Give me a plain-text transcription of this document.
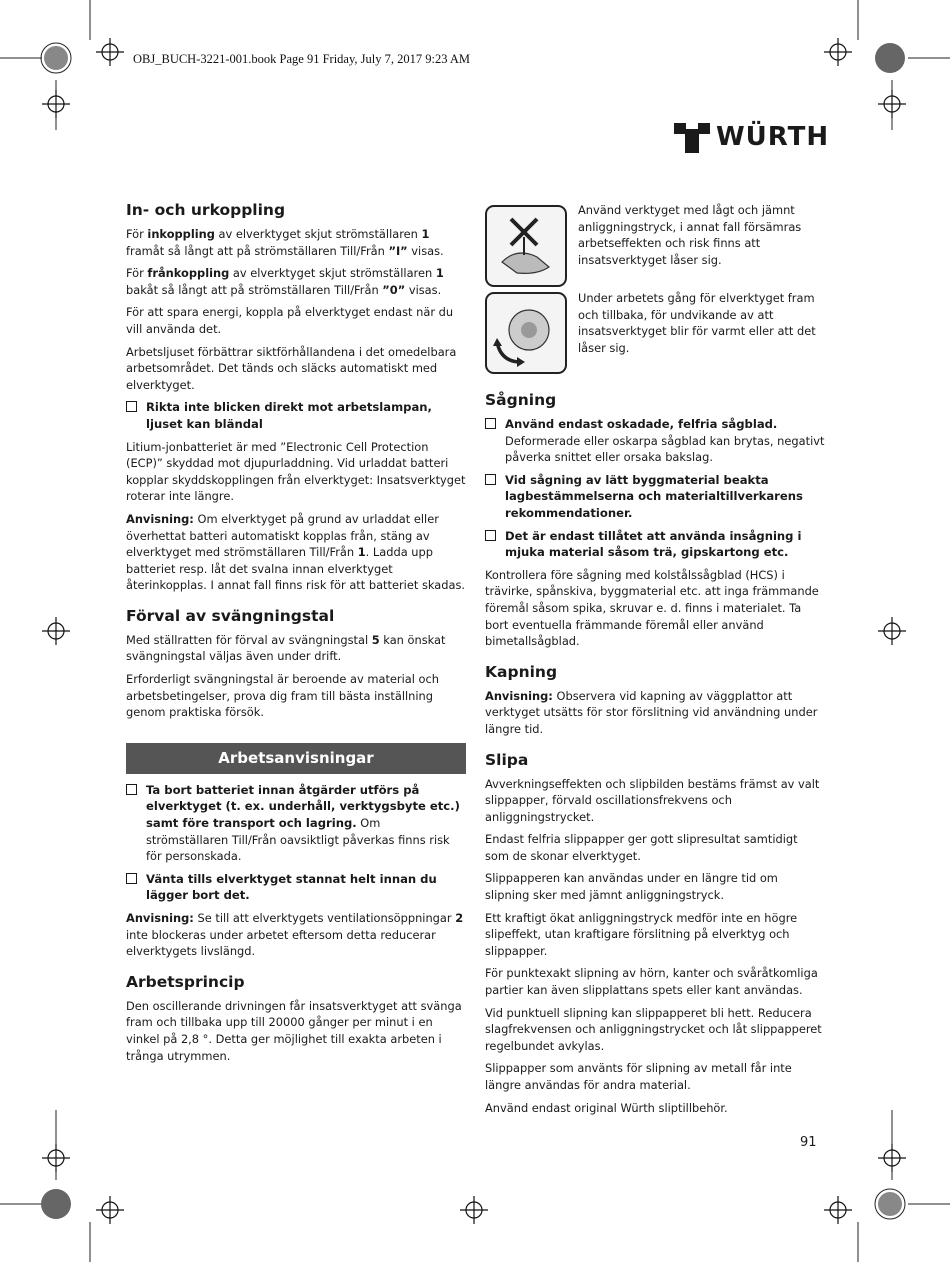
OBJ_BUCH-3221-001.book Page 91 Friday, July 7, 2017 9:23 AM
WÜRTH
In- och urkoppling

För inkoppling av elverktyget skjut strömställaren 1 framåt så långt att på strömställaren Till/Från ”I” visas.

För frånkoppling av elverktyget skjut strömställaren 1 bakåt så långt att på strömställaren Till/Från ”0” visas.

För att spara energi, koppla på elverktyget endast när du vill använda det.

Arbetsljuset förbättrar siktförhållandena i det omedelbara arbetsområdet. Det tänds och släcks automatiskt med elverktyget.

Rikta inte blicken direkt mot arbetslampan, ljuset kan bländal

Litium-jonbatteriet är med ”Electronic Cell Protection (ECP)” skyddad mot djupurladdning. Vid urladdat batteri kopplar skyddskopplingen från elverktyget: Insatsverktyget roterar inte längre.

Anvisning: Om elverktyget på grund av urladdat eller överhettat batteri automatiskt kopplas från, stäng av elverktyget med strömställaren Till/Från 1. Ladda upp batteriet resp. låt det svalna innan elverktyget återinkopplas. I annat fall finns risk för att batteriet skadas.

Förval av svängningstal

Med ställratten för förval av svängningstal 5 kan önskat svängningstal väljas även under drift.

Erforderligt svängningstal är beroende av material och arbetsbetingelser, prova dig fram till bästa inställning genom praktiska försök.

Arbetsanvisningar
Ta bort batteriet innan åtgärder utförs på elverktyget (t. ex. underhåll, verktygsbyte etc.) samt före transport och lagring. Om strömställaren Till/Från oavsiktligt påverkas finns risk för personskada.
Vänta tills elverktyget stannat helt innan du lägger bort det.

Anvisning: Se till att elverktygets ventilationsöppningar 2 inte blockeras under arbetet eftersom detta reducerar elverktygets livslängd.

Arbetsprincip

Den oscillerande drivningen får insatsverktyget att svänga fram och tillbaka upp till 20000 gånger per minut i en vinkel på 2,8 °. Detta ger möjlighet till exakta arbeten i trånga utrymmen.

Använd verktyget med lågt och jämnt anliggningstryck, i annat fall försämras arbetseffekten och risk finns att insatsverktyget låser sig.
Under arbetets gång för elverktyget fram och tillbaka, för undvikande av att insatsverktyget blir för varmt eller att det låser sig.
Sågning
Använd endast oskadade, felfria sågblad.
Deformerade eller oskarpa sågblad kan brytas, negativt påverka snittet eller orsaka bakslag.
Vid sågning av lätt byggmaterial beakta lagbestämmelserna och materialtillverkarens rekommendationer.
Det är endast tillåtet att använda insågning i mjuka material såsom trä, gipskartong etc.

Kontrollera före sågning med kolstålssågblad (HCS) i trävirke, spånskiva, byggmaterial etc. att inga främmande föremål såsom spika, skruvar e. d. finns i materialet. Ta bort eventuella främmande föremål eller använd bimetallsågblad.

Kapning

Anvisning: Observera vid kapning av väggplattor att verktyget utsätts för stor förslitning vid användning under längre tid.

Slipa

Avverkningseffekten och slipbilden bestäms främst av valt slippapper, förvald oscillationsfrekvens och anliggningstrycket.

Endast felfria slippapper ger gott slipresultat samtidigt som de skonar elverktyget.

Slippapperen kan användas under en längre tid om slipning sker med jämnt anliggningstryck.

Ett kraftigt ökat anliggningstryck medför inte en högre slipeffekt, utan kraftigare förslitning på elverktyg och slippapper.

För punktexakt slipning av hörn, kanter och svåråtkomliga partier kan även slipplattans spets eller kant användas.

Vid punktuell slipning kan slippapperet bli hett. Reducera slagfrekvensen och anliggningstrycket och låt slippapperet regelbundet avkylas.

Slippapper som använts för slipning av metall får inte längre användas för andra material.

Använd endast original Würth sliptillbehör.

91
